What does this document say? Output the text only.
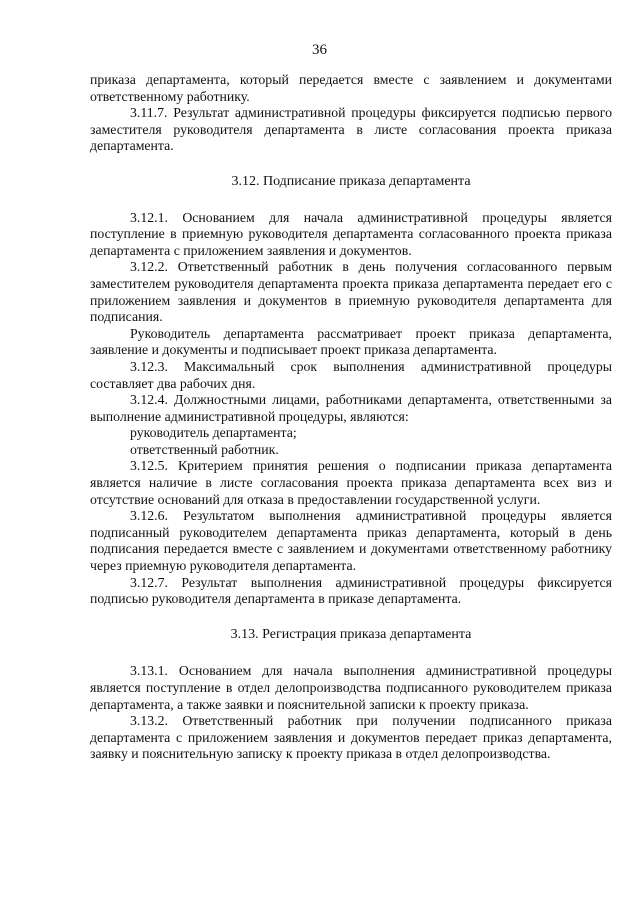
36

приказа департамента, который передается вместе с заявлением и документами ответственному работнику.

3.11.7. Результат административной процедуры фиксируется подписью первого заместителя руководителя департамента в листе согласования проекта приказа департамента.

3.12. Подписание приказа департамента

3.12.1. Основанием для начала административной процедуры является поступление в приемную руководителя департамента согласованного проекта приказа департамента с приложением заявления и документов.

3.12.2. Ответственный работник в день получения согласованного первым заместителем руководителя департамента проекта приказа департамента передает его с приложением заявления и документов в приемную руководителя департамента для подписания.

Руководитель департамента рассматривает проект приказа департамента, заявление и документы и подписывает проект приказа департамента.

3.12.3. Максимальный срок выполнения административной процедуры составляет два рабочих дня.

3.12.4. Должностными лицами, работниками департамента, ответственными за выполнение административной процедуры, являются:

руководитель департамента;

ответственный работник.

3.12.5. Критерием принятия решения о подписании приказа департамента является наличие в листе согласования проекта приказа департамента всех виз и отсутствие оснований для отказа в предоставлении государственной услуги.

3.12.6. Результатом выполнения административной процедуры является подписанный руководителем департамента приказ департамента, который в день подписания передается вместе с заявлением и документами ответственному работнику через приемную руководителя департамента.

3.12.7. Результат выполнения административной процедуры фиксируется подписью руководителя департамента в приказе департамента.

3.13. Регистрация приказа департамента

3.13.1. Основанием для начала выполнения административной процедуры является поступление в отдел делопроизводства подписанного руководителем приказа департамента, а также заявки и пояснительной записки к проекту приказа.

3.13.2. Ответственный работник при получении подписанного приказа департамента с приложением заявления и документов передает приказ департамента, заявку и пояснительную записку к проекту приказа в отдел делопроизводства.
